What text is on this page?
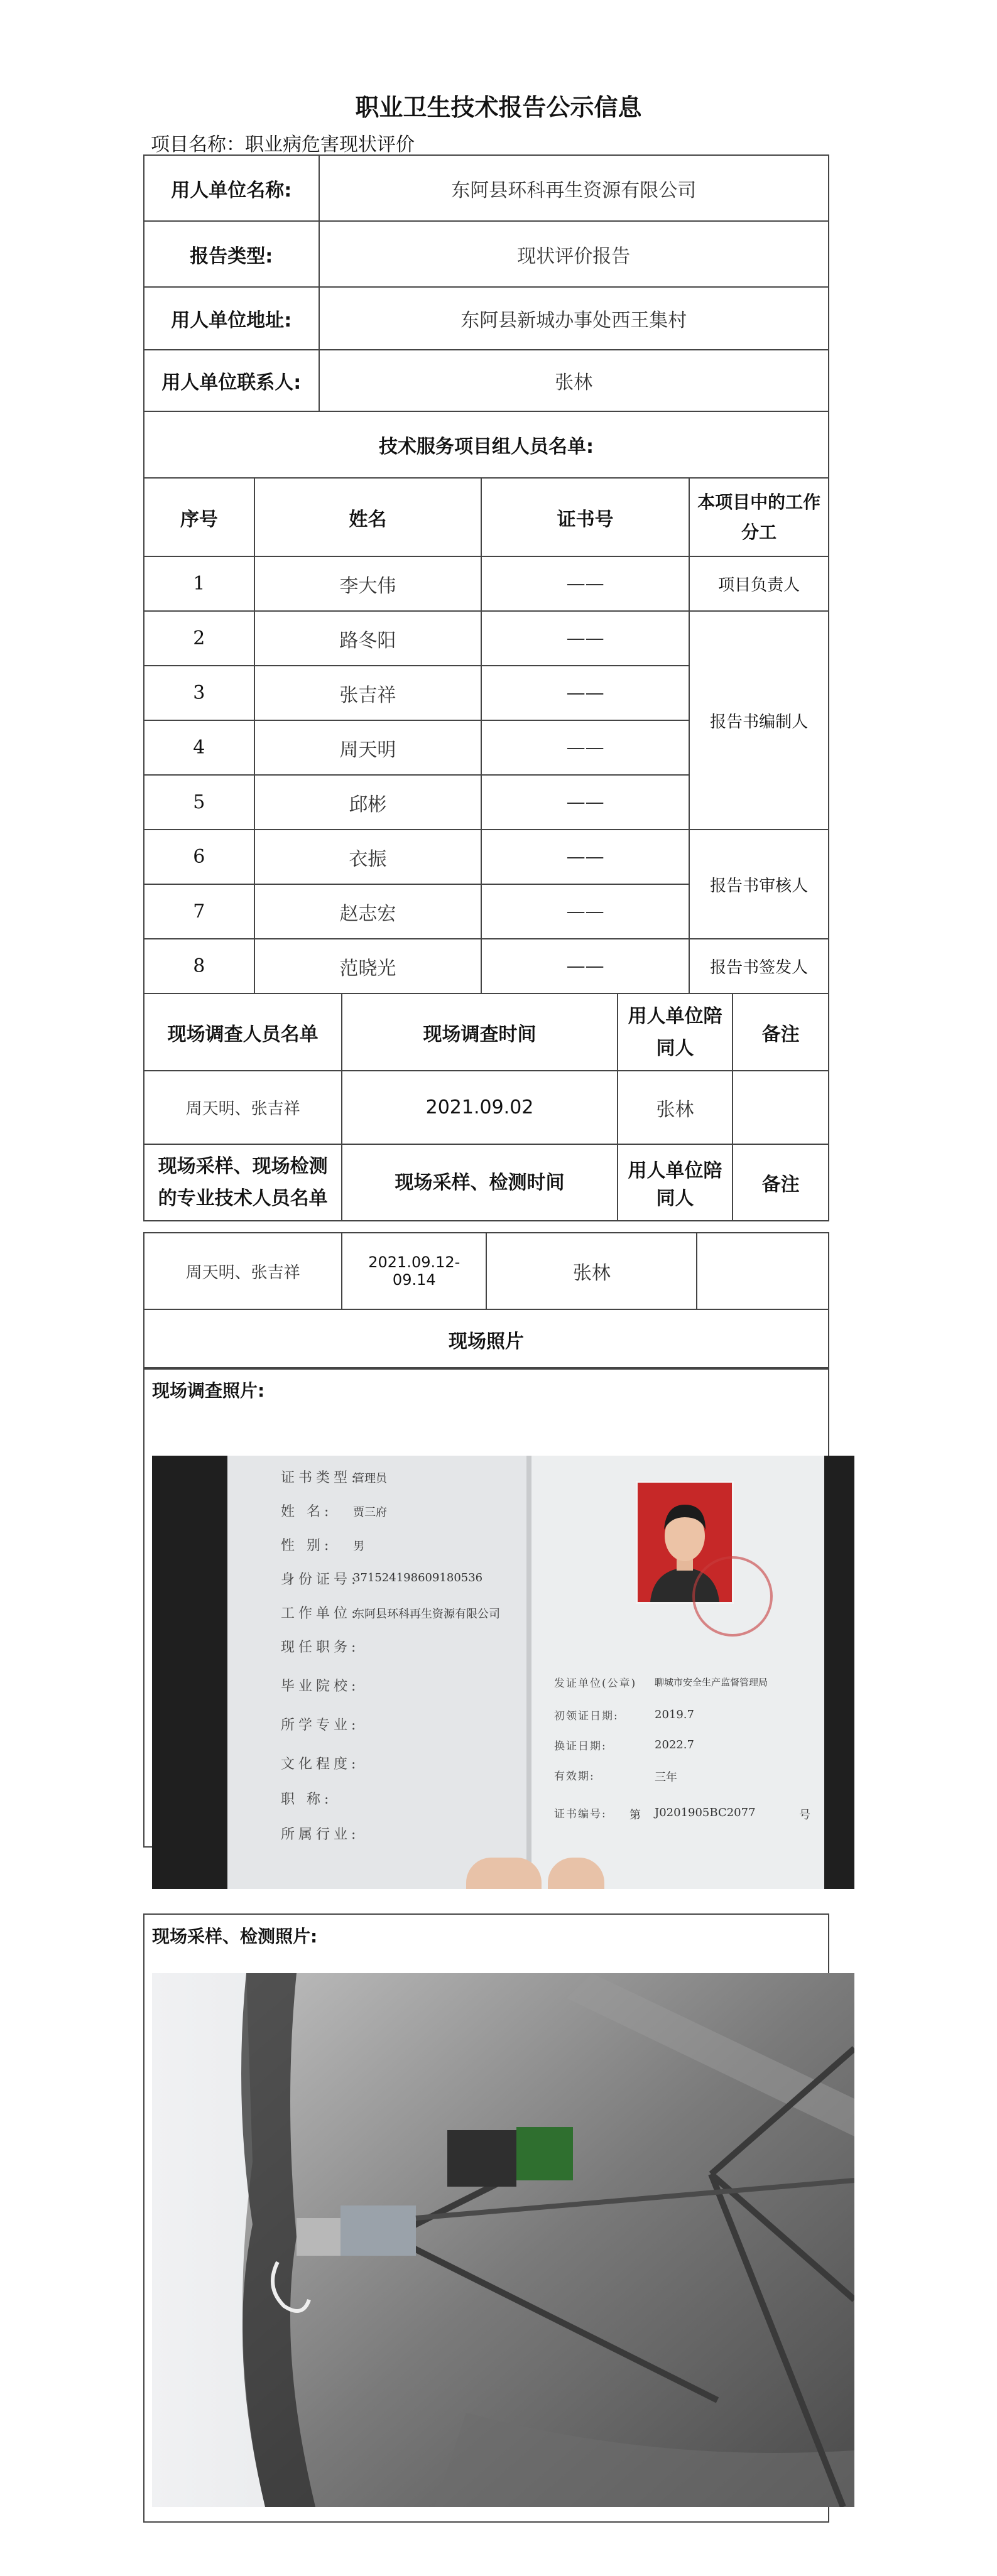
职业卫生技术报告公示信息
项目名称：职业病危害现状评价
用人单位名称:	东阿县环科再生资源有限公司
报告类型:	现状评价报告
用人单位地址:	东阿县新城办事处西王集村
用人单位联系人:	张林
技术服务项目组人员名单:	
序号	姓名	证书号	本项目中的工作分工
1	李大伟	——	项目负责人
2	路冬阳	——	报告书编制人
3	张吉祥	——	
4	周天明	——	
5	邱彬	——	
6	衣振	——	报告书审核人
7	赵志宏	——	
8	范晓光	——	报告书签发人
现场调查人员名单	现场调查时间	用人单位陪同人	备注
周天明、张吉祥	2021.09.02	张林	
现场采样、现场检测的专业技术人员名单	现场采样、检测时间	用人单位陪同人	备注
周天明、张吉祥	2021.09.12-09.14	张林	
现场照片
现场调查照片:
证书类型:
管理员
姓 名: 贾三府
性 别: 男
身份证号:
371524198609180536
工作单位:
东阿县环科再生资源有限公司
现任职务:
毕业院校:
所学专业:
文化程度:
职 称:
所属行业:
发证单位(公章) 聊城市安全生产监督管理局
初领证日期:	2019.7
换证日期:	2022.7
有效期:	三年
证书编号: 第 J0201905BC2077	号
现场采样、检测照片:
